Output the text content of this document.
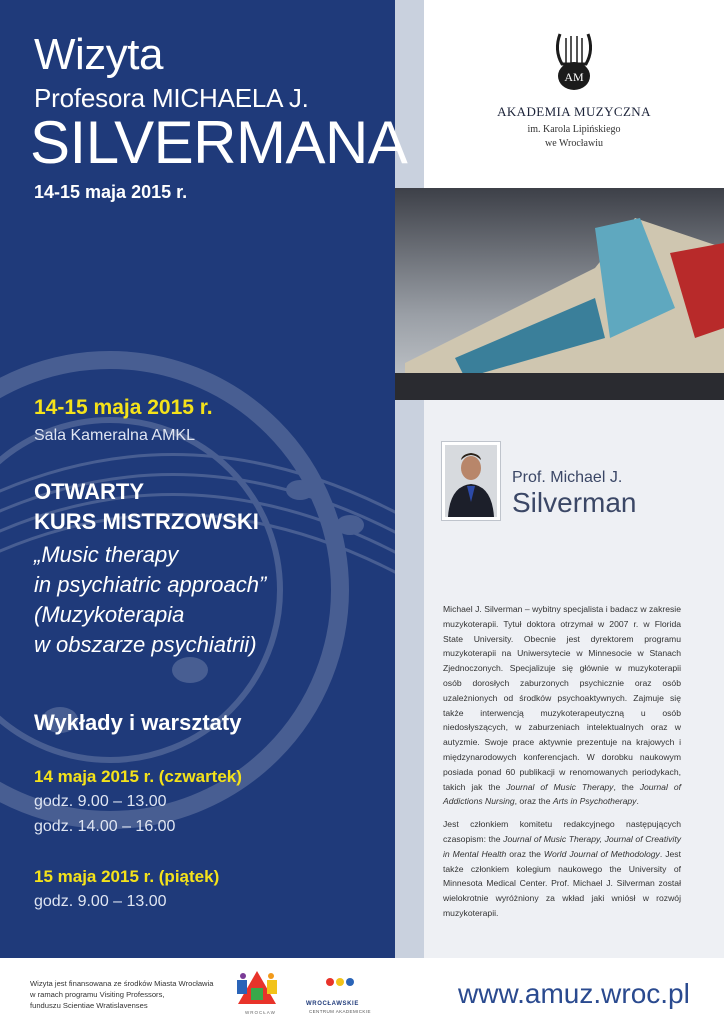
Wizyta
Profesora MICHAELA J.
SILVERMANA
14-15 maja 2015 r.
14-15 maja 2015 r.
Sala Kameralna AMKL
OTWARTY
KURS MISTRZOWSKI
„Music therapy
in psychiatric approach”
(Muzykoterapia
w obszarze psychiatrii)
Wykłady i warsztaty
14 maja 2015 r. (czwartek)
godz. 9.00 – 13.00
godz. 14.00 – 16.00
15 maja 2015 r. (piątek)
godz. 9.00 – 13.00
AM
AKADEMIA MUZYCZNA
im. Karola Lipińskiego
we Wrocławiu
Prof. Michael J.
Silverman

Michael J. Silverman – wybitny specjalista i badacz w zakresie muzykoterapii. Tytuł doktora otrzymał w 2007 r. w Florida State University. Obecnie jest dyrektorem programu muzykoterapii na Uniwersytecie w Minnesocie w Stanach Zjednoczonych. Specjalizuje się głównie w muzykoterapii osób dorosłych zaburzonych psychicznie oraz osób uzależnionych od środków psychoaktywnych. Zajmuje się także interwencją muzykoterapeutyczną u osób niedosłyszących, w zaburzeniach intelektualnych oraz w autyzmie. Swoje prace aktywnie prezentuje na krajowych i międzynarodowych konferencjach. W dorobku naukowym posiada ponad 60 publikacji w renomowanych periodykach, takich jak the Journal of Music Therapy, the Journal of Addictions Nursing, oraz the Arts in Psychotherapy.

Jest członkiem komitetu redakcyjnego następujących czasopism: the Journal of Music Therapy, Journal of Creativity in Mental Health oraz the World Journal of Methodology. Jest także członkiem kolegium naukowego the University of Minnesota Medical Center. Prof. Michael J. Silverman został wielokrotnie wyróżniony za wkład jaki wniósł w rozwój muzykoterapii.

Wizyta jest finansowana ze środków Miasta Wrocławia
w ramach programu Visiting Professors,
funduszu Scientiae Wratislavenses
WROCŁAW
WROCŁAWSKIE
CENTRUM AKADEMICKIE
www.amuz.wroc.pl
